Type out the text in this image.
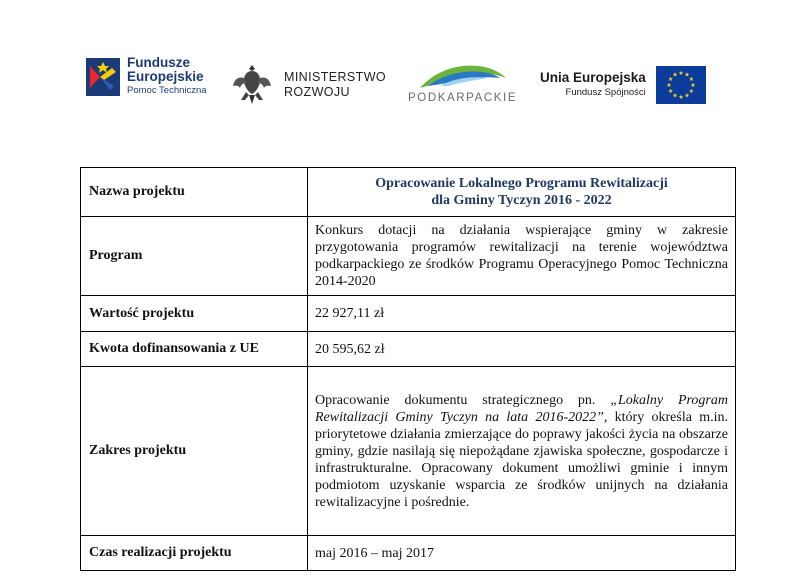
Fundusze
Europejskie
Pomoc Techniczna
MINISTERSTWO
ROZWOJU	PODKARPACKIE
Unia Europejska
Fundusz Spójności
Nazwa projektu	Opracowanie Lokalnego Programu Rewitalizacji
dla Gminy Tyczyn 2016 - 2022

Program	Konkurs dotacji na działania wspierające gminy w zakresie przygotowania programów rewitalizacji na terenie województwa podkarpackiego ze środków Programu Operacyjnego Pomoc Techniczna 2014-2020
Wartość projektu	22 927,11 zł
Kwota dofinansowania z UE	20 595,62 zł
Zakres projektu	Opracowanie dokumentu strategicznego pn. „Lokalny Program Rewitalizacji Gminy Tyczyn na lata 2016-2022”, który określa m.in. priorytetowe działania zmierzające do poprawy jakości życia na obszarze gminy, gdzie nasilają się niepożądane zjawiska społeczne, gospodarcze i infrastrukturalne. Opracowany dokument umożliwi gminie i innym podmiotom uzyskanie wsparcia ze środków unijnych na działania rewitalizacyjne i pośrednie.
Czas realizacji projektu	maj 2016 – maj 2017
